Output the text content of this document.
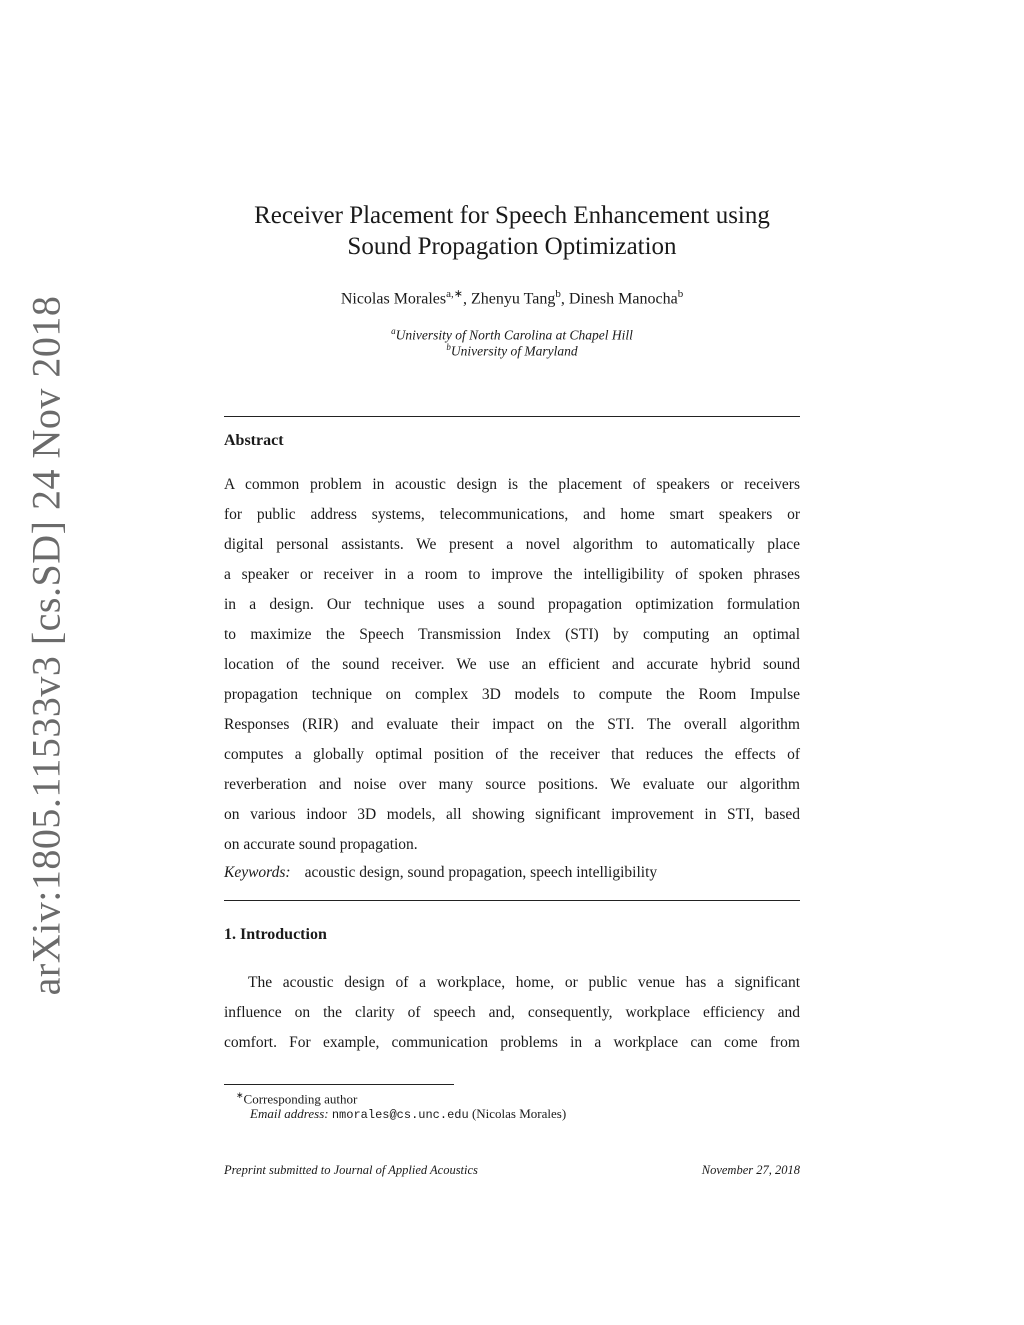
arXiv:1805.11533v3 [cs.SD] 24 Nov 2018
Receiver Placement for Speech Enhancement using
Sound Propagation Optimization
Nicolas Morales$^{a,∗}$, Zhenyu Tang$^b$, Dinesh Manocha$^b$
$^a$University of North Carolina at Chapel Hill
$^b$University of Maryland
Abstract
A common problem in acoustic design is the placement of speakers or receivers
for public address systems, telecommunications, and home smart speakers or
digital personal assistants. We present a novel algorithm to automatically place
a speaker or receiver in a room to improve the intelligibility of spoken phrases
in a design. Our technique uses a sound propagation optimization formulation
to maximize the Speech Transmission Index (STI) by computing an optimal
location of the sound receiver. We use an efficient and accurate hybrid sound
propagation technique on complex 3D models to compute the Room Impulse
Responses (RIR) and evaluate their impact on the STI. The overall algorithm
computes a globally optimal position of the receiver that reduces the effects of
reverberation and noise over many source positions. We evaluate our algorithm
on various indoor 3D models, all showing significant improvement in STI, based
on accurate sound propagation.
Keywords: acoustic design, sound propagation, speech intelligibility
1. Introduction
The acoustic design of a workplace, home, or public venue has a significant
influence on the clarity of speech and, consequently, workplace efficiency and
comfort. For example, communication problems in a workplace can come from
∗Corresponding author
Email address: nmorales@cs.unc.edu (Nicolas Morales)
Preprint submitted to Journal of Applied Acoustics	November 27, 2018
